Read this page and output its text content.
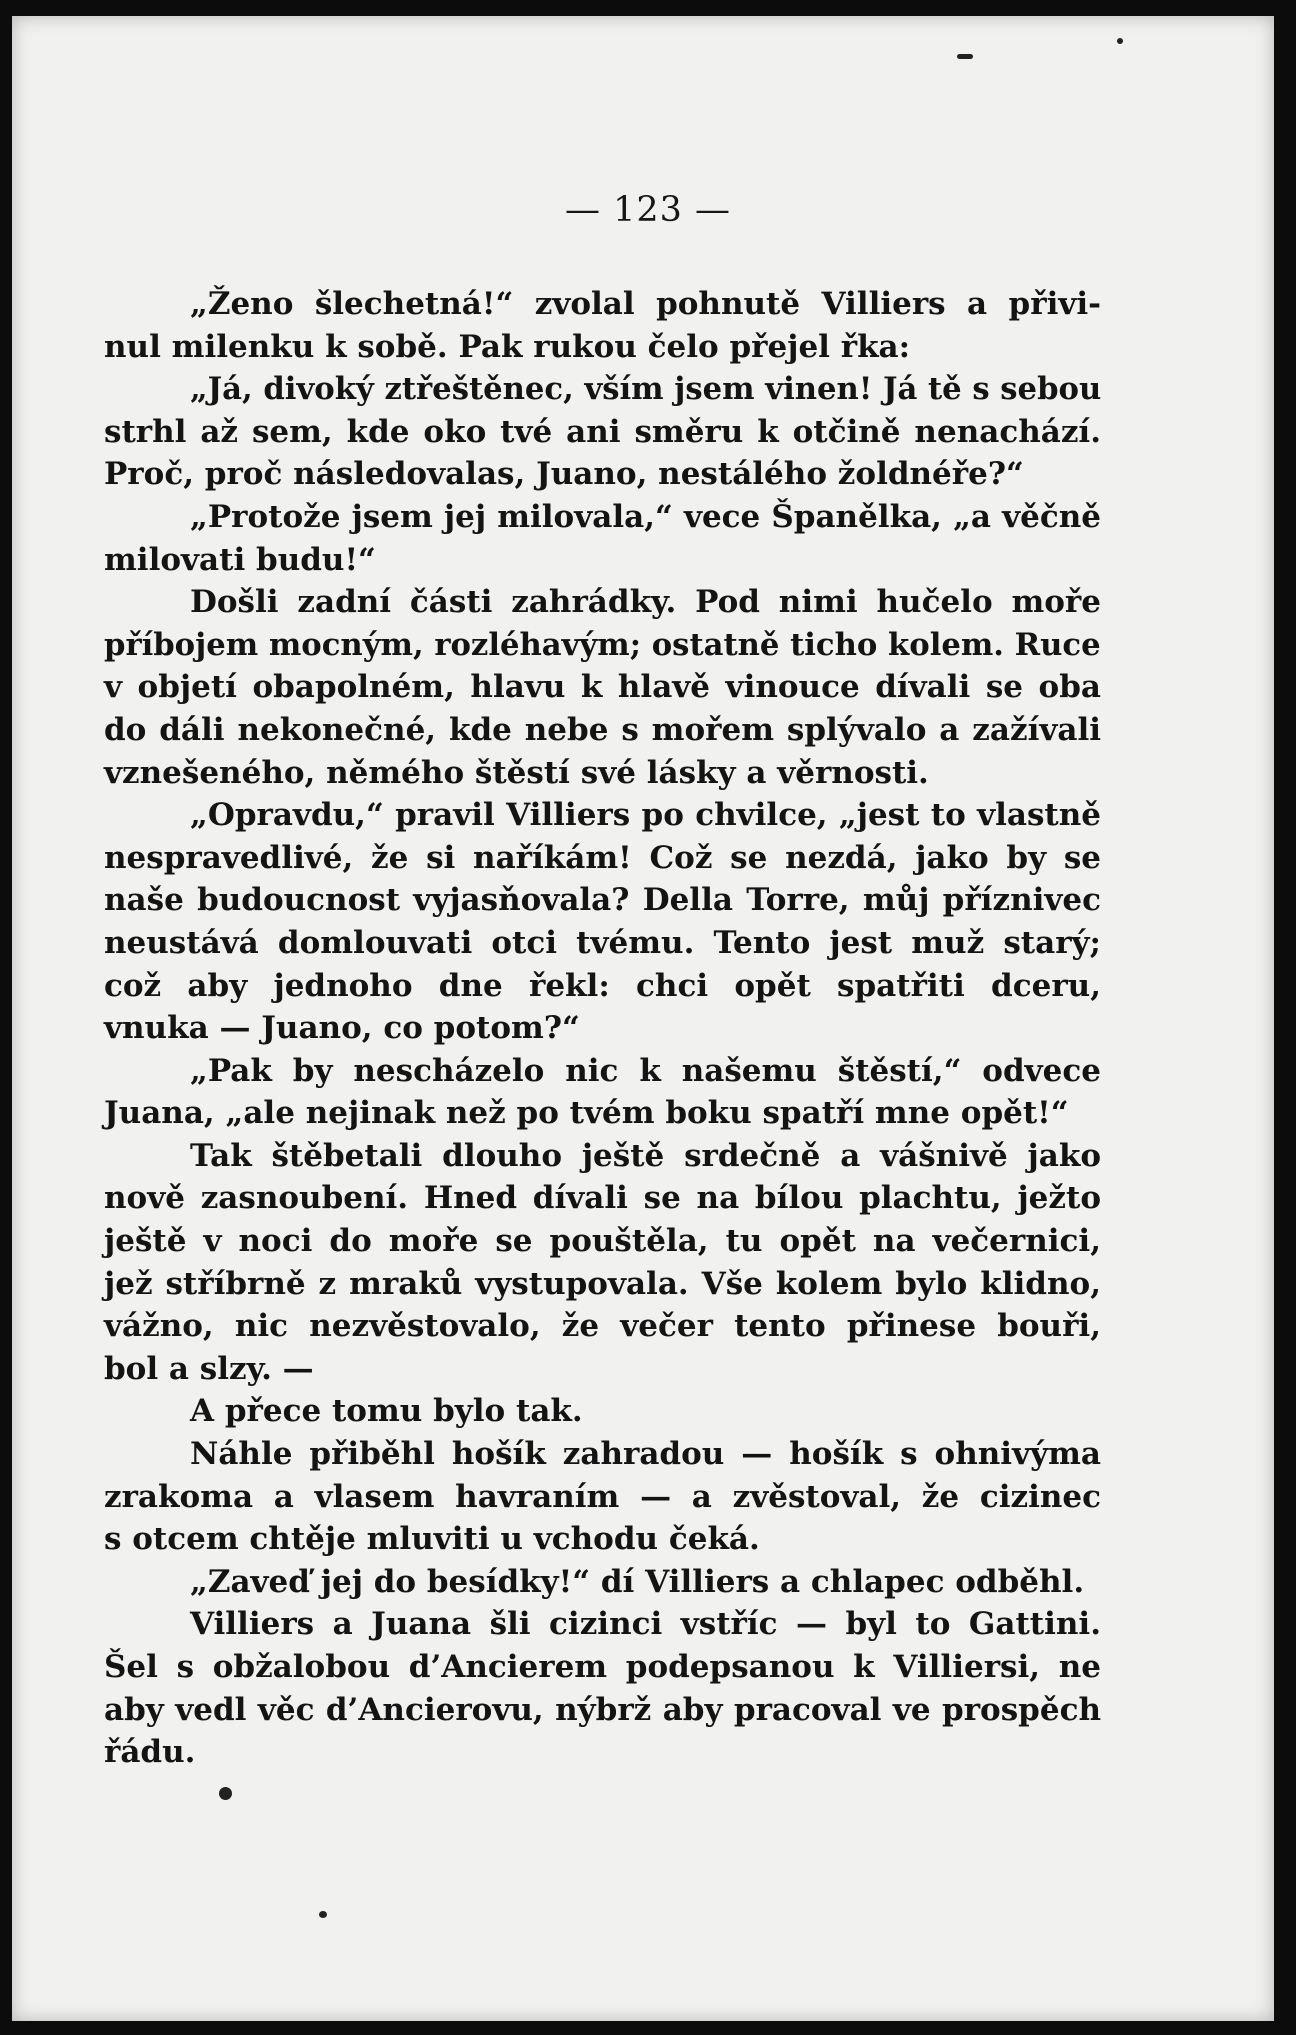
— 123 —
„Ženo šlechetná!“ zvolal pohnutě Villiers a přivi-
nul milenku k sobě. Pak rukou čelo přejel řka:
„Já, divoký ztřeštěnec, vším jsem vinen! Já tě s sebou
strhl až sem, kde oko tvé ani směru k otčině nenachází.
Proč, proč následovalas, Juano, nestálého žoldnéře?“
„Protože jsem jej milovala,“ vece Španělka, „a věčně
milovati budu!“
Došli zadní části zahrádky. Pod nimi hučelo moře
příbojem mocným, rozléhavým; ostatně ticho kolem. Ruce
v objetí obapolném, hlavu k hlavě vinouce dívali se oba
do dáli nekonečné, kde nebe s mořem splývalo a zažívali
vznešeného, němého štěstí své lásky a věrnosti.
„Opravdu,“ pravil Villiers po chvilce, „jest to vlastně
nespravedlivé, že si naříkám! Což se nezdá, jako by se
naše budoucnost vyjasňovala? Della Torre, můj příznivec
neustává domlouvati otci tvému. Tento jest muž starý;
což aby jednoho dne řekl: chci opět spatřiti dceru,
vnuka — Juano, co potom?“
„Pak by nescházelo nic k našemu štěstí,“ odvece
Juana, „ale nejinak než po tvém boku spatří mne opět!“
Tak štěbetali dlouho ještě srdečně a vášnivě jako
nově zasnoubení. Hned dívali se na bílou plachtu, ježto
ještě v noci do moře se pouštěla, tu opět na večernici,
jež stříbrně z mraků vystupovala. Vše kolem bylo klidno,
vážno, nic nezvěstovalo, že večer tento přinese bouři,
bol a slzy. —
A přece tomu bylo tak.
Náhle přiběhl hošík zahradou — hošík s ohnivýma
zrakoma a vlasem havraním — a zvěstoval, že cizinec
s otcem chtěje mluviti u vchodu čeká.
„Zaveď jej do besídky!“ dí Villiers a chlapec odběhl.
Villiers a Juana šli cizinci vstříc — byl to Gattini.
Šel s obžalobou d’Ancierem podepsanou k Villiersi, ne
aby vedl věc d’Ancierovu, nýbrž aby pracoval ve prospěch
řádu.
